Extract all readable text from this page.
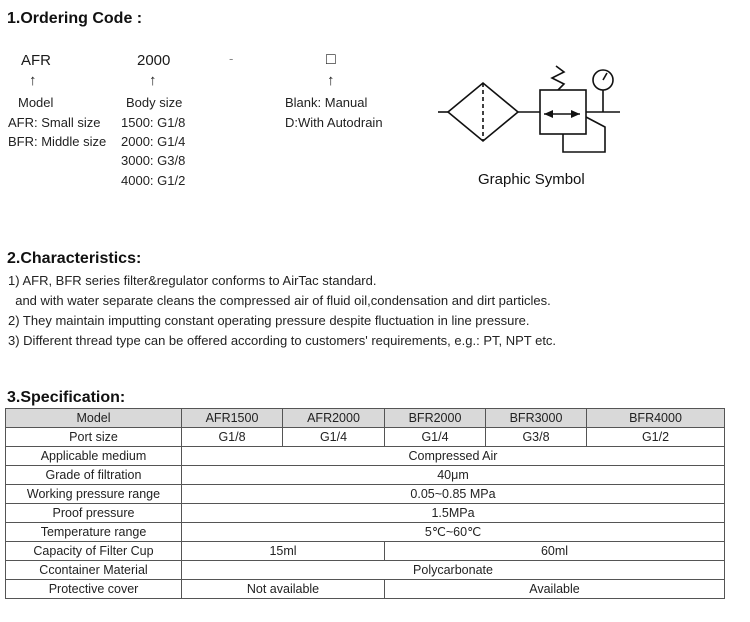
1.Ordering Code :
AFR	2000	-	□
↑	↑	↑
Model
AFR: Small size
BFR: Middle size
Body size
1500: G1/8
2000: G1/4
3000: G3/8
4000: G1/2
Blank: Manual
D:With Autodrain
Graphic Symbol
2.Characteristics:
1) AFR, BFR series filter&regulator conforms to AirTac standard.
and with water separate cleans the compressed air of fluid oil,condensation and dirt particles.
2) They maintain imputting constant operating pressure despite fluctuation in line pressure.
3) Different thread type can be offered according to customers' requirements, e.g.: PT, NPT etc.
3.Specification:
Model	AFR1500	AFR2000	BFR2000	BFR3000	BFR4000
Port size	G1/8	G1/4	G1/4	G3/8	G1/2
Applicable medium	Compressed Air				
Grade of filtration	40μm				
Working pressure range	0.05~0.85 MPa				
Proof pressure	1.5MPa				
Temperature range	5℃~60℃				
Capacity of Filter Cup	15ml		60ml		
Ccontainer Material	Polycarbonate				
Protective cover	Not available		Available		
